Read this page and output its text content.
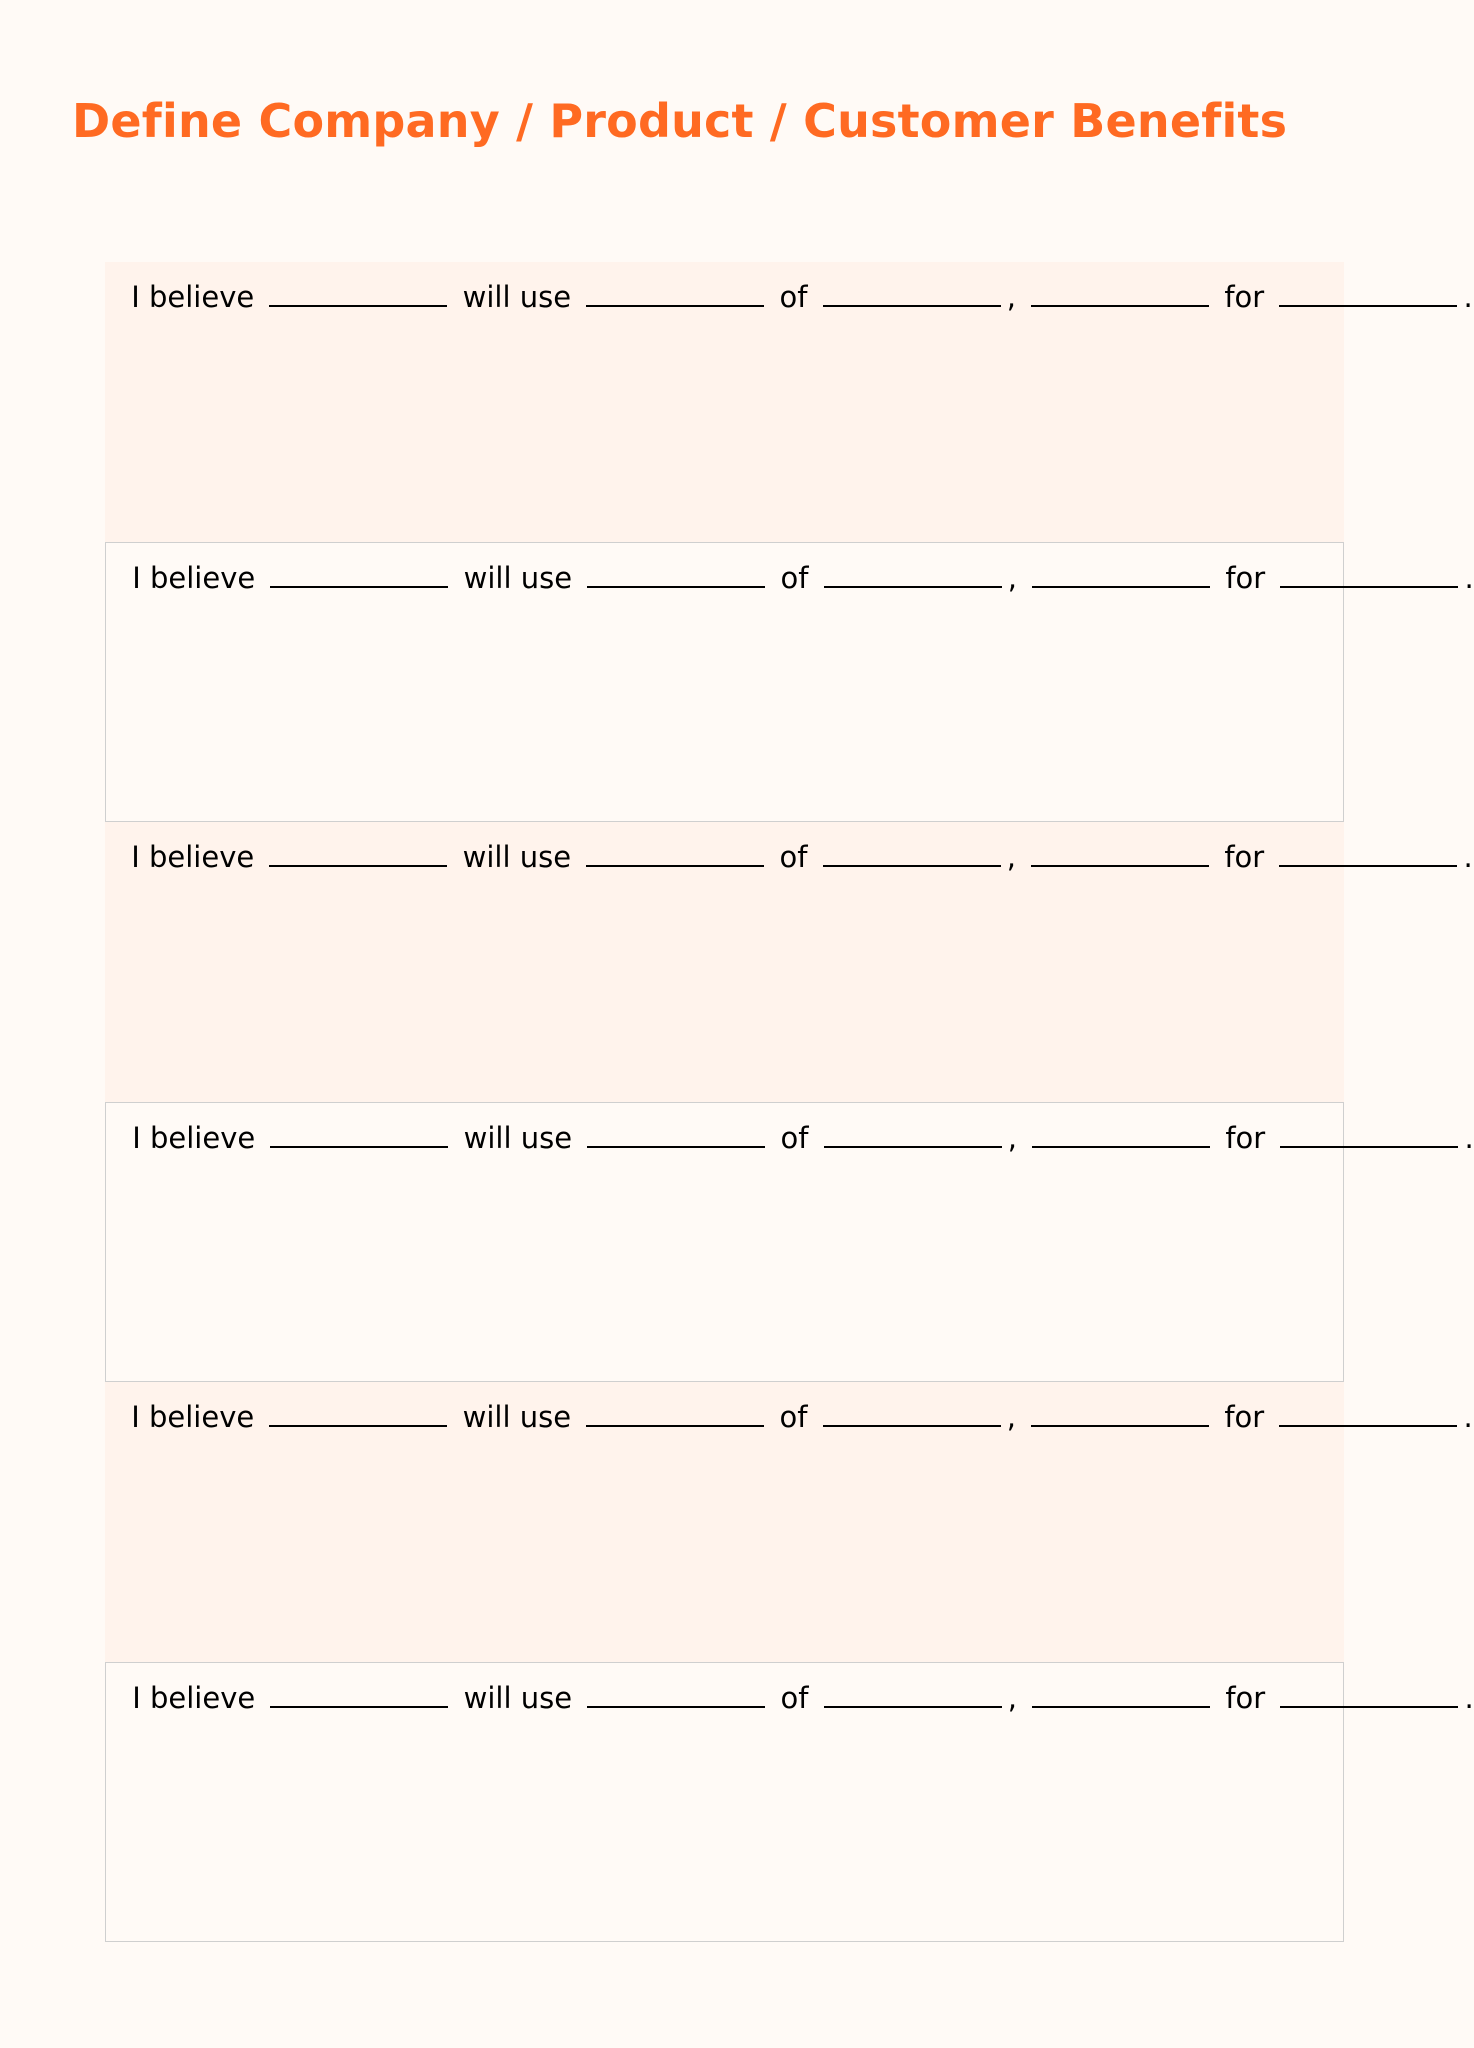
Define Company / Product / Customer Benefits
I believe	will use	of	,	for	.
I believe	will use	of	,	for	.
I believe	will use	of	,	for	.
I believe	will use	of	,	for	.
I believe	will use	of	,	for	.
I believe	will use	of	,	for	.
